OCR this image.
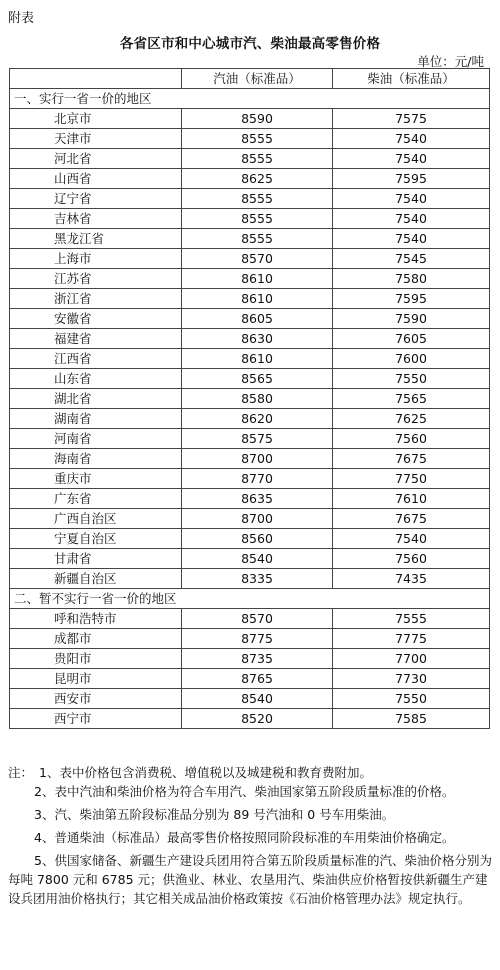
附表
各省区市和中心城市汽、柴油最高零售价格
单位：元/吨
	汽油（标准品）	柴油（标准品）
一、实行一省一价的地区		
北京市	8590	7575
天津市	8555	7540
河北省	8555	7540
山西省	8625	7595
辽宁省	8555	7540
吉林省	8555	7540
黑龙江省	8555	7540
上海市	8570	7545
江苏省	8610	7580
浙江省	8610	7595
安徽省	8605	7590
福建省	8630	7605
江西省	8610	7600
山东省	8565	7550
湖北省	8580	7565
湖南省	8620	7625
河南省	8575	7560
海南省	8700	7675
重庆市	8770	7750
广东省	8635	7610
广西自治区	8700	7675
宁夏自治区	8560	7540
甘肃省	8540	7560
新疆自治区	8335	7435
二、暂不实行一省一价的地区		
呼和浩特市	8570	7555
成都市	8775	7775
贵阳市	8735	7700
昆明市	8765	7730
西安市	8540	7550
西宁市	8520	7585
注： 1、表中价格包含消费税、增值税以及城建税和教育费附加。
2、表中汽油和柴油价格为符合车用汽、柴油国家第五阶段质量标准的价格。
3、汽、柴油第五阶段标准品分别为 89 号汽油和 0 号车用柴油。
4、普通柴油（标准品）最高零售价格按照同阶段标准的车用柴油价格确定。
5、供国家储备、新疆生产建设兵团用符合第五阶段质量标准的汽、柴油价格分别为每吨 7800 元和 6785 元；供渔业、林业、农垦用汽、柴油供应价格暂按供新疆生产建设兵团用油价格执行；其它相关成品油价格政策按《石油价格管理办法》规定执行。
